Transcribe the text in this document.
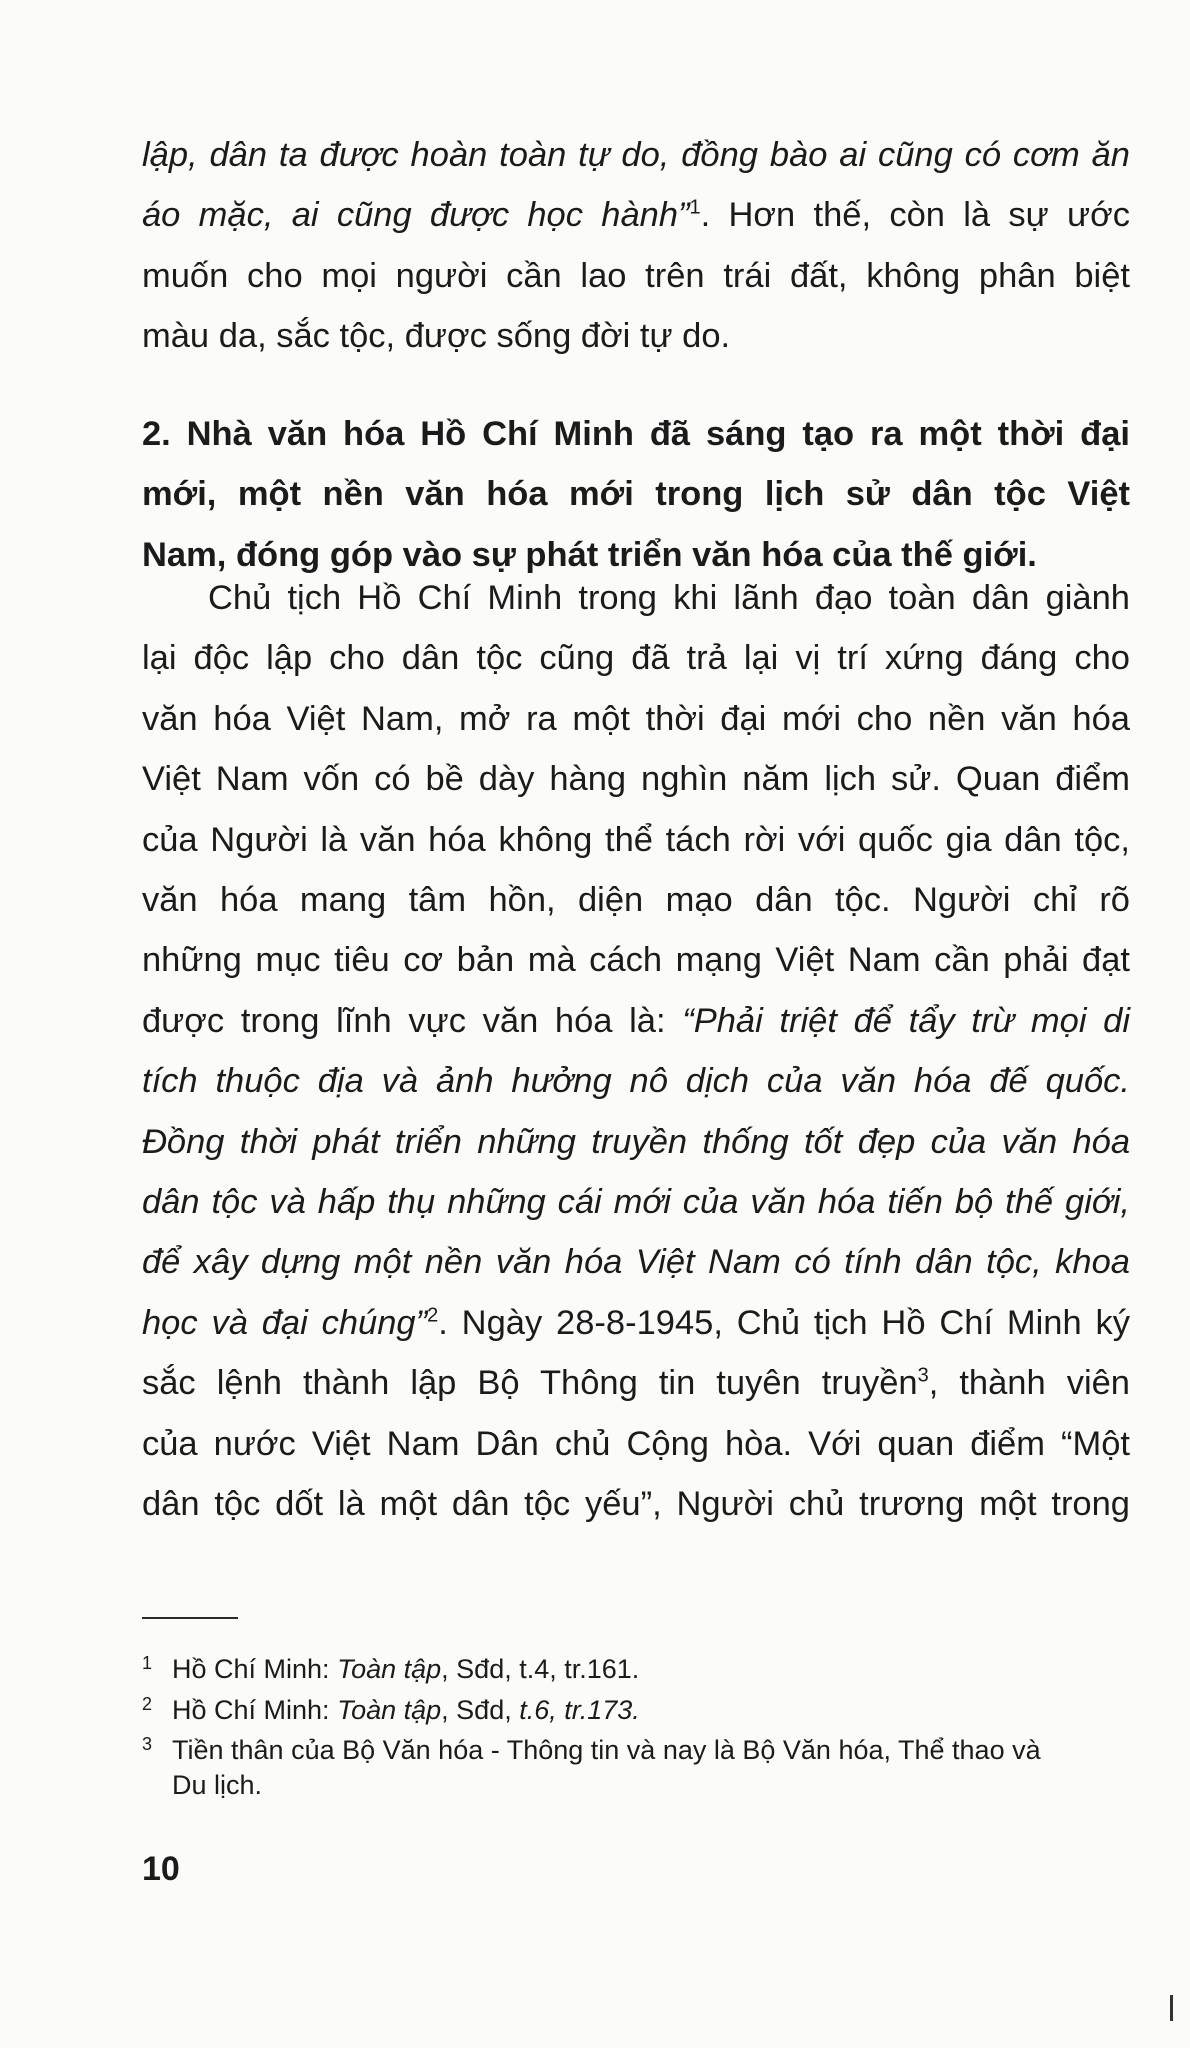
lập, dân ta được hoàn toàn tự do, đồng bào ai cũng có cơm ăn
áo mặc, ai cũng được học hành”$^1$. Hơn thế, còn là sự ước
muốn cho mọi người cần lao trên trái đất, không phân biệt
màu da, sắc tộc, được sống đời tự do.
2. Nhà văn hóa Hồ Chí Minh đã sáng tạo ra một thời đại
mới, một nền văn hóa mới trong lịch sử dân tộc Việt
Nam, đóng góp vào sự phát triển văn hóa của thế giới.
Chủ tịch Hồ Chí Minh trong khi lãnh đạo toàn dân giành
lại độc lập cho dân tộc cũng đã trả lại vị trí xứng đáng cho
văn hóa Việt Nam, mở ra một thời đại mới cho nền văn hóa
Việt Nam vốn có bề dày hàng nghìn năm lịch sử. Quan điểm
của Người là văn hóa không thể tách rời với quốc gia dân tộc,
văn hóa mang tâm hồn, diện mạo dân tộc. Người chỉ rõ
những mục tiêu cơ bản mà cách mạng Việt Nam cần phải đạt
được trong lĩnh vực văn hóa là: “Phải triệt để tẩy trừ mọi di
tích thuộc địa và ảnh hưởng nô dịch của văn hóa đế quốc.
Đồng thời phát triển những truyền thống tốt đẹp của văn hóa
dân tộc và hấp thụ những cái mới của văn hóa tiến bộ thế giới,
để xây dựng một nền văn hóa Việt Nam có tính dân tộc, khoa
học và đại chúng”$^2$. Ngày 28-8-1945, Chủ tịch Hồ Chí Minh ký
sắc lệnh thành lập Bộ Thông tin tuyên truyền$^3$, thành viên
của nước Việt Nam Dân chủ Cộng hòa. Với quan điểm “Một
dân tộc dốt là một dân tộc yếu”, Người chủ trương một trong
1 Hồ Chí Minh: Toàn tập, Sđd, t.4, tr.161.
2 Hồ Chí Minh: Toàn tập, Sđd, t.6, tr.173.
3 Tiền thân của Bộ Văn hóa - Thông tin và nay là Bộ Văn hóa, Thể thao và
Du lịch.
10
